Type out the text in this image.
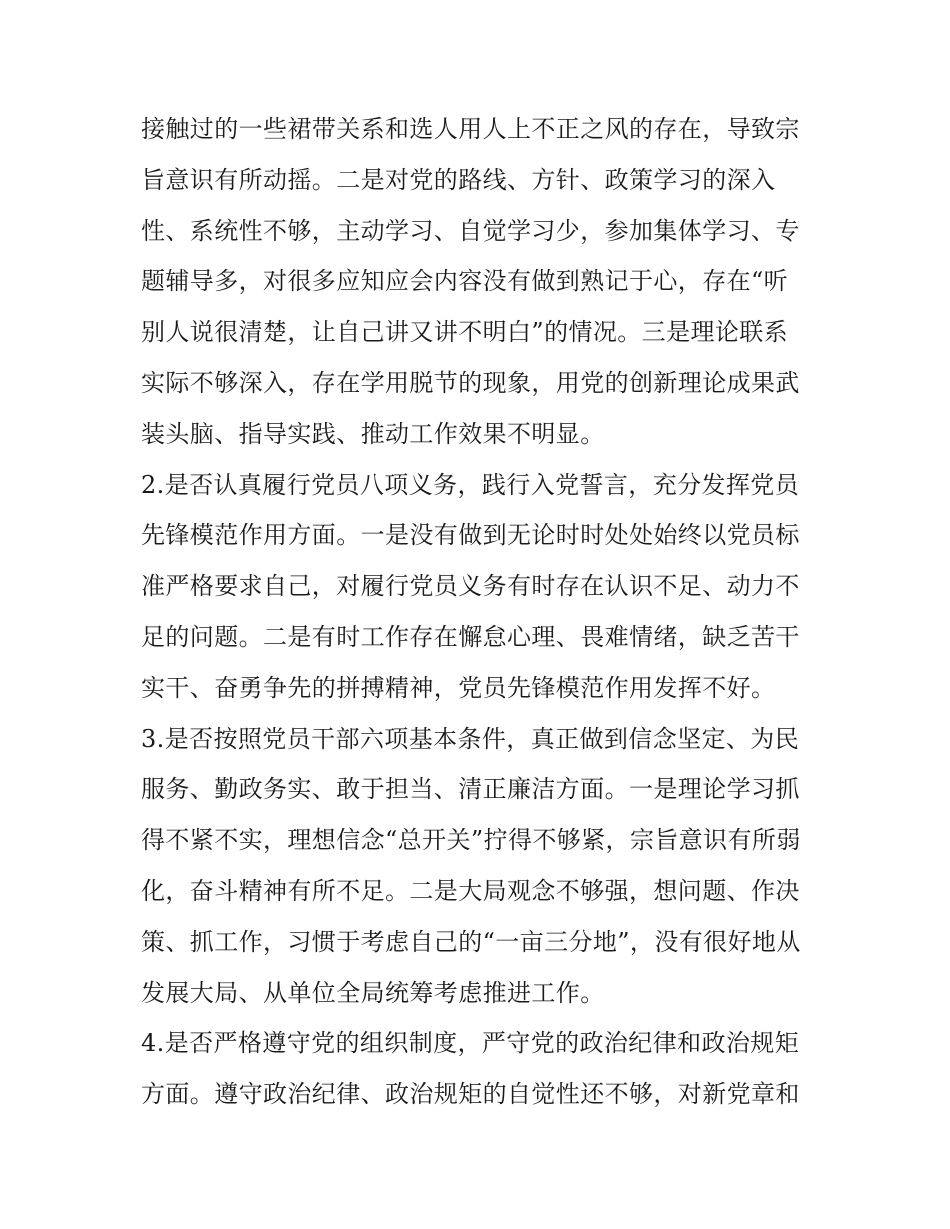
接触过的一些裙带关系和选人用人上不正之风的存在，导致宗
旨意识有所动摇。二是对党的路线、方针、政策学习的深入
性、系统性不够，主动学习、自觉学习少，参加集体学习、专
题辅导多，对很多应知应会内容没有做到熟记于心，存在“听
别人说很清楚，让自己讲又讲不明白”的情况。三是理论联系
实际不够深入，存在学用脱节的现象，用党的创新理论成果武
装头脑、指导实践、推动工作效果不明显。
2.是否认真履行党员八项义务，践行入党誓言，充分发挥党员
先锋模范作用方面。一是没有做到无论时时处处始终以党员标
准严格要求自己，对履行党员义务有时存在认识不足、动力不
足的问题。二是有时工作存在懈怠心理、畏难情绪，缺乏苦干
实干、奋勇争先的拼搏精神，党员先锋模范作用发挥不好。
3.是否按照党员干部六项基本条件，真正做到信念坚定、为民
服务、勤政务实、敢于担当、清正廉洁方面。一是理论学习抓
得不紧不实，理想信念“总开关”拧得不够紧，宗旨意识有所弱
化，奋斗精神有所不足。二是大局观念不够强，想问题、作决
策、抓工作，习惯于考虑自己的“一亩三分地”，没有很好地从
发展大局、从单位全局统筹考虑推进工作。
4.是否严格遵守党的组织制度，严守党的政治纪律和政治规矩
方面。遵守政治纪律、政治规矩的自觉性还不够，对新党章和
